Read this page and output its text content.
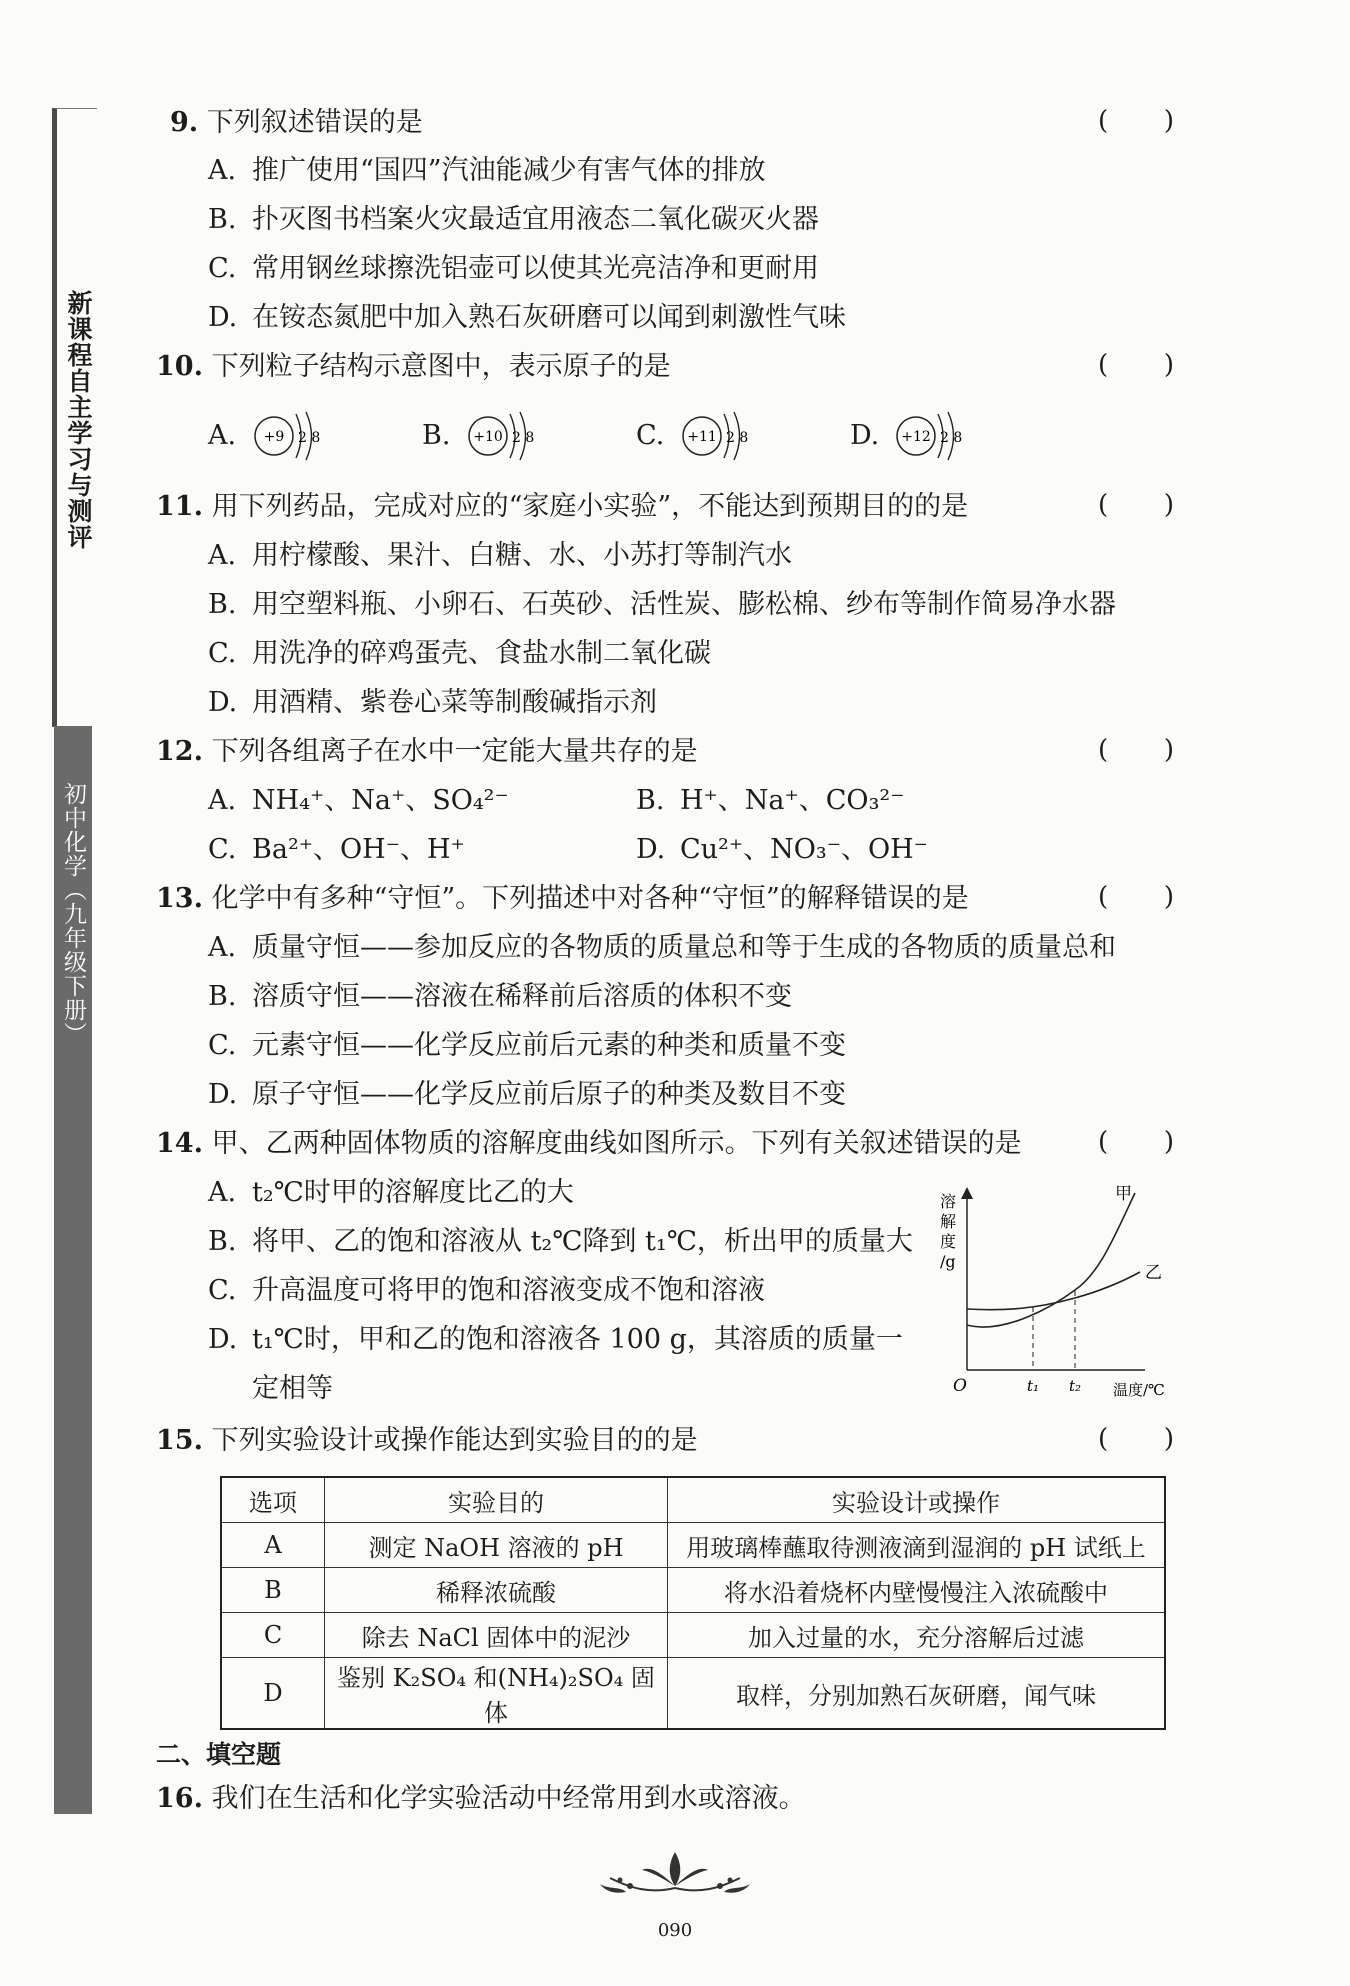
新课程自主学习与测评
初中化学（九年级下册）
9. 下列叙述错误的是	( )
A. 推广使用“国四”汽油能减少有害气体的排放
B. 扑灭图书档案火灾最适宜用液态二氧化碳灭火器
C. 常用钢丝球擦洗铝壶可以使其光亮洁净和更耐用
D. 在铵态氮肥中加入熟石灰研磨可以闻到刺激性气味
10. 下列粒子结构示意图中，表示原子的是	( )
A. +9 2 8	B. +10 2 8	C. +11 2 8	D. +12 2 8
11. 用下列药品，完成对应的“家庭小实验”，不能达到预期目的的是	( )
A. 用柠檬酸、果汁、白糖、水、小苏打等制汽水
B. 用空塑料瓶、小卵石、石英砂、活性炭、膨松棉、纱布等制作简易净水器
C. 用洗净的碎鸡蛋壳、食盐水制二氧化碳
D. 用酒精、紫卷心菜等制酸碱指示剂
12. 下列各组离子在水中一定能大量共存的是	( )
A. NH₄⁺、Na⁺、SO₄²⁻	B. H⁺、Na⁺、CO₃²⁻
C. Ba²⁺、OH⁻、H⁺	D. Cu²⁺、NO₃⁻、OH⁻
13. 化学中有多种“守恒”。下列描述中对各种“守恒”的解释错误的是	( )
A. 质量守恒——参加反应的各物质的质量总和等于生成的各物质的质量总和
B. 溶质守恒——溶液在稀释前后溶质的体积不变
C. 元素守恒——化学反应前后元素的种类和质量不变
D. 原子守恒——化学反应前后原子的种类及数目不变
14. 甲、乙两种固体物质的溶解度曲线如图所示。下列有关叙述错误的是	( )
A. t₂℃时甲的溶解度比乙的大
B. 将甲、乙的饱和溶液从 t₂℃降到 t₁℃，析出甲的质量大
C. 升高温度可将甲的饱和溶液变成不饱和溶液
D. t₁℃时，甲和乙的饱和溶液各 100 g，其溶质的质量一
定相等
溶
解
度
/g
O	t₁ t₂
甲
乙
温度/℃
15. 下列实验设计或操作能达到实验目的的是	( )
选项	实验目的	实验设计或操作
A	测定 NaOH 溶液的 pH	用玻璃棒蘸取待测液滴到湿润的 pH 试纸上
B	稀释浓硫酸	将水沿着烧杯内壁慢慢注入浓硫酸中
C	除去 NaCl 固体中的泥沙	加入过量的水，充分溶解后过滤
D	鉴别 K₂SO₄ 和(NH₄)₂SO₄ 固体	取样，分别加熟石灰研磨，闻气味
二、填空题
16. 我们在生活和化学实验活动中经常用到水或溶液。
090
